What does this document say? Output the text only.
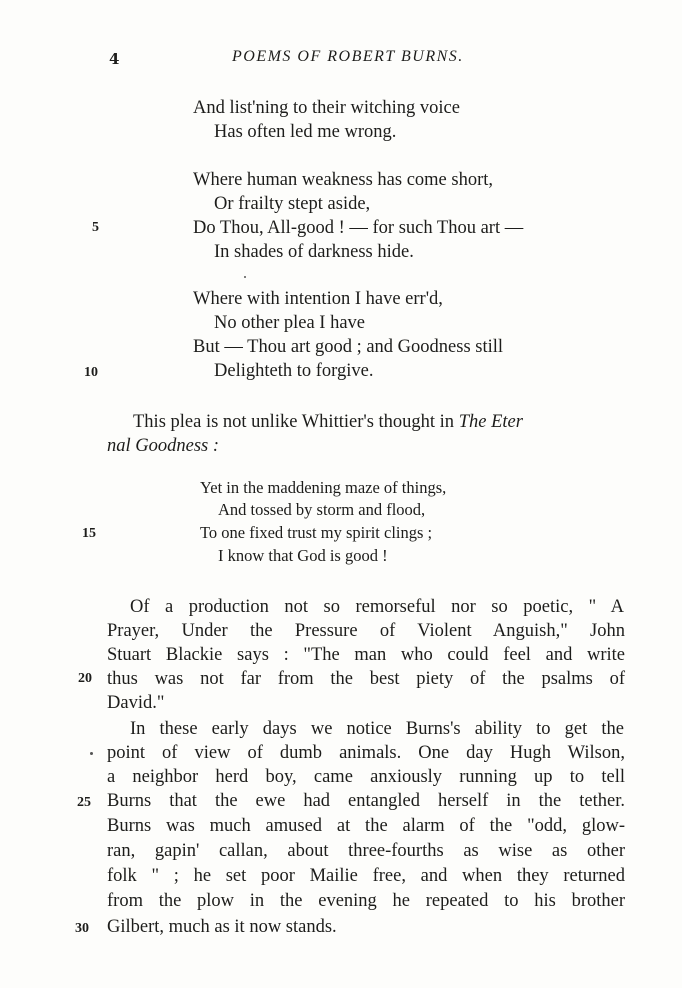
4	POEMS OF ROBERT BURNS.
And list'ning to their witching voice
Has often led me wrong.
Where human weakness has come short,
Or frailty stept aside,
Do Thou, All-good ! — for such Thou art —
In shades of darkness hide.
Where with intention I have err'd,
No other plea I have
But — Thou art good ; and Goodness still
Delighteth to forgive.
This plea is not unlike Whittier's thought in The Eter
nal Goodness :
Yet in the maddening maze of things,
And tossed by storm and flood,
To one fixed trust my spirit clings ;
I know that God is good !
Of a production not so remorseful nor so poetic, " A
Prayer, Under the Pressure of Violent Anguish," John
Stuart Blackie says : "The man who could feel and write
thus was not far from the best piety of the psalms of
David."
In these early days we notice Burns's ability to get the
point of view of dumb animals. One day Hugh Wilson,
a neighbor herd boy, came anxiously running up to tell
Burns that the ewe had entangled herself in the tether.
Burns was much amused at the alarm of the "odd, glow-
ran, gapin' callan, about three-fourths as wise as other
folk " ; he set poor Mailie free, and when they returned
from the plow in the evening he repeated to his brother
Gilbert, much as it now stands.
5
10
15
20
25
30
